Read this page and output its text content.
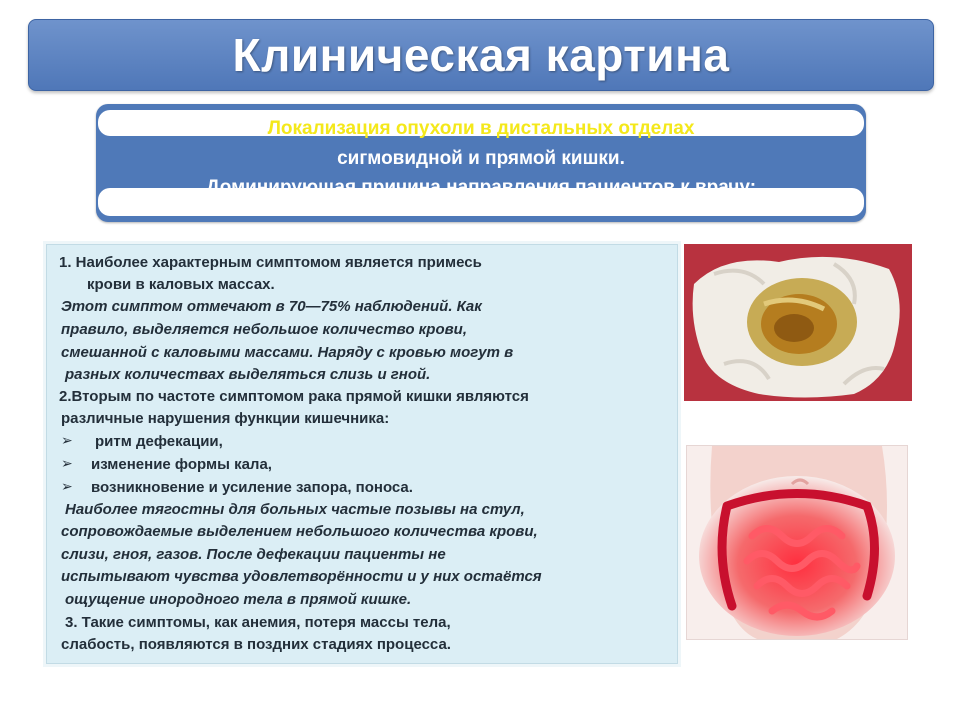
Клиническая картина
Локализация опухоли в дистальных отделах
сигмовидной и прямой кишки.
Доминирующая причина направления пациентов к врачу:
1. Наиболее характерным симптомом является примесь
крови в каловых массах.
Этот симптом отмечают в 70—75% наблюдений. Как
правило, выделяется небольшое количество крови,
смешанной с каловыми массами. Наряду с кровью могут в
разных количествах выделяться слизь и гной.
2.Вторым по частоте симптомом рака прямой кишки являются
различные нарушения функции кишечника:
➢ ритм дефекации,
➢ изменение формы кала,
➢ возникновение и усиление запора, поноса.
Наиболее тягостны для больных частые позывы на стул,
сопровождаемые выделением небольшого количества крови,
слизи, гноя, газов. После дефекации пациенты не
испытывают чувства удовлетворённости и у них остаётся
ощущение инородного тела в прямой кишке.
3. Такие симптомы, как анемия, потеря массы тела,
слабость, появляются в поздних стадиях процесса.
